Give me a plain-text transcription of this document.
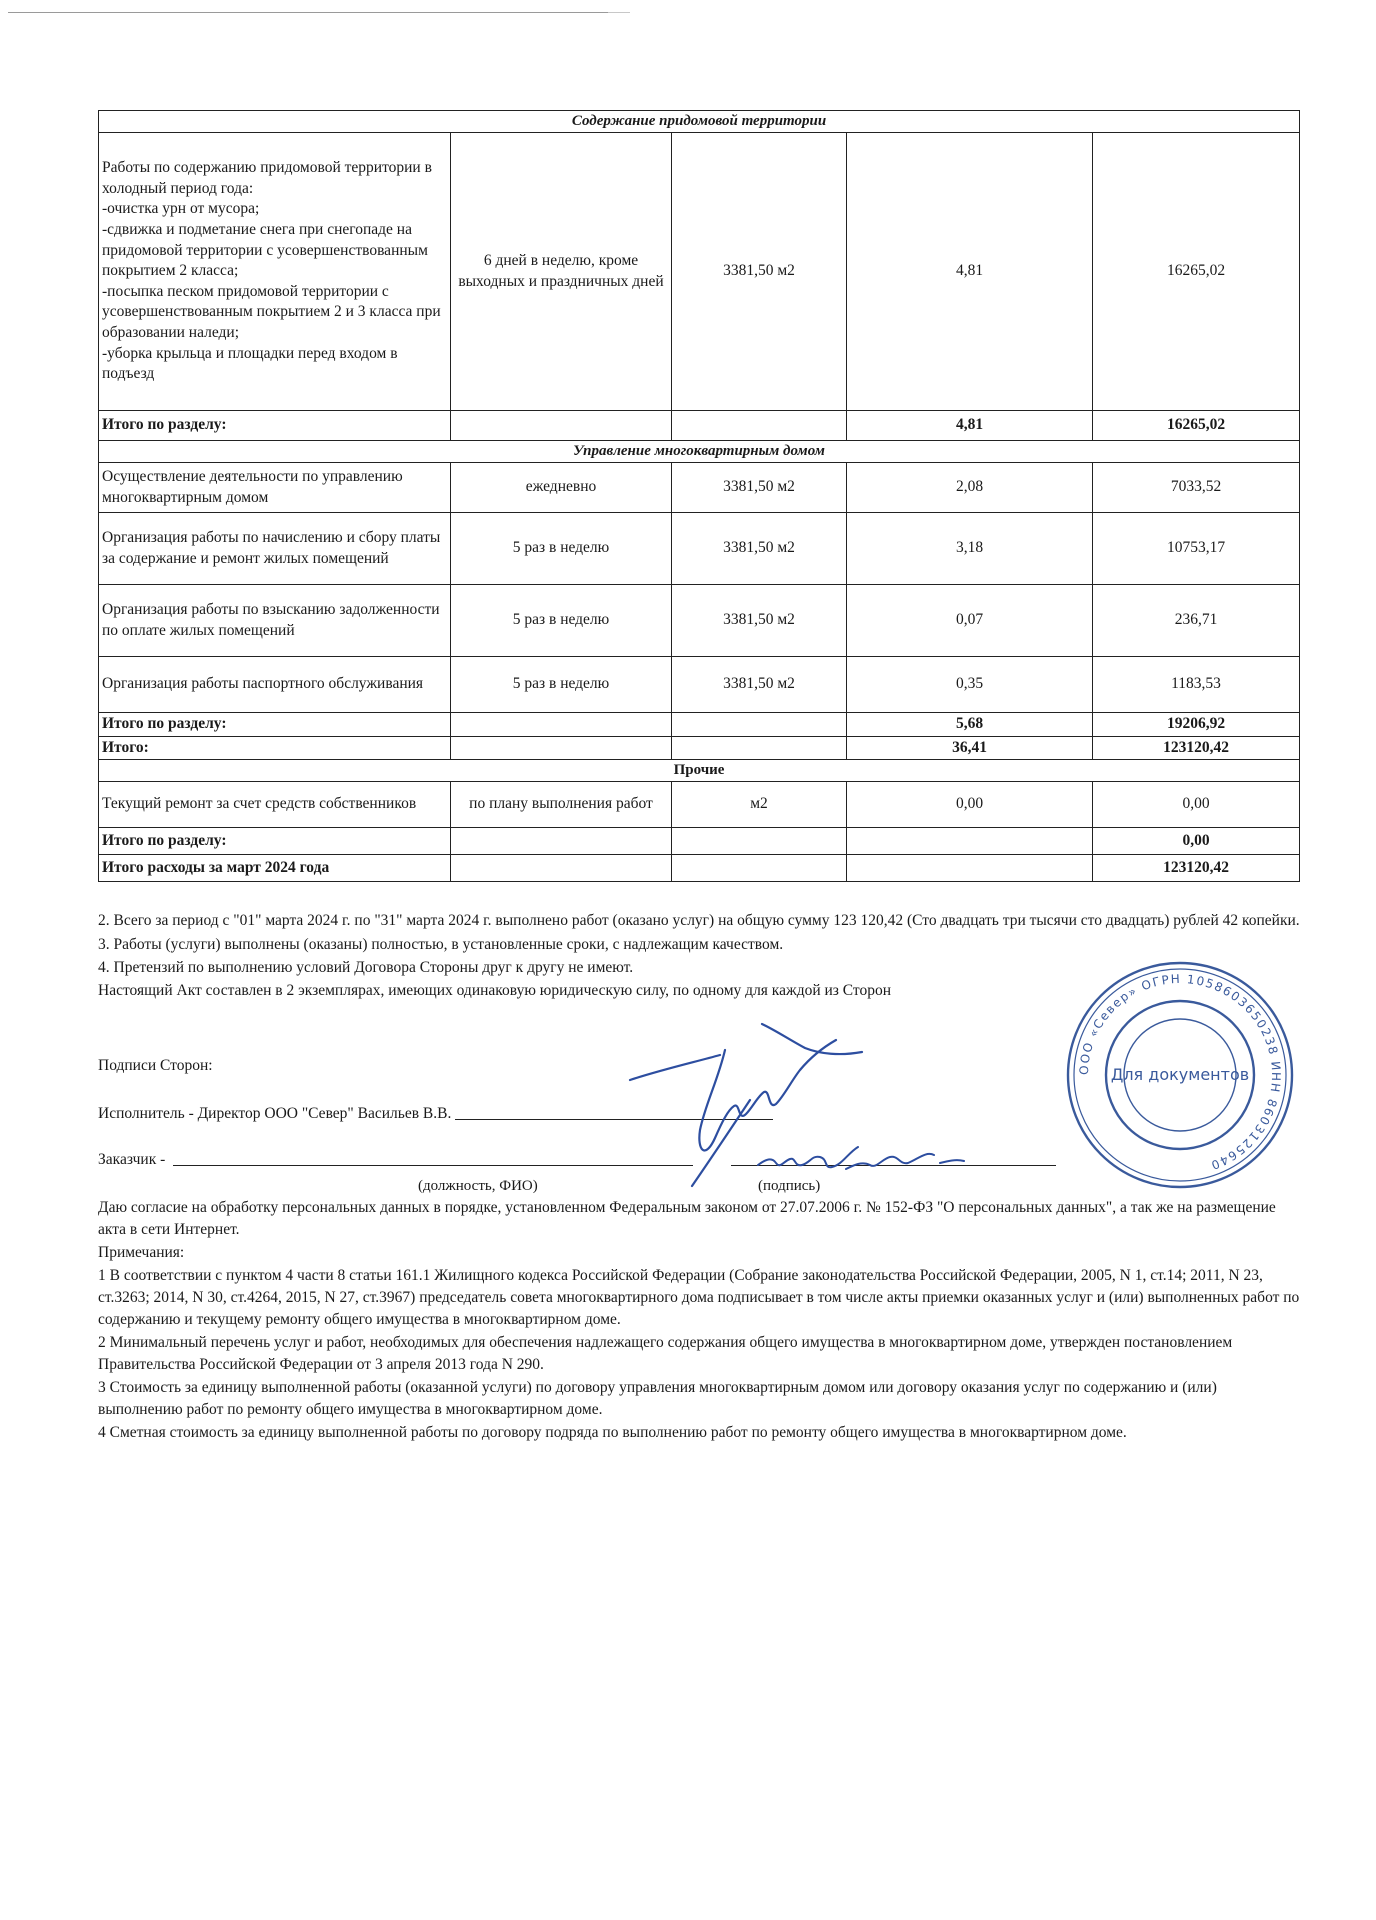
Содержание придомовой территории				
Работы по содержанию придомовой территории в холодный период года:
-очистка урн от мусора;
-сдвижка и подметание снега при снегопаде на придомовой территории с усовершенствованным покрытием 2 класса;
-посыпка песком придомовой территории с усовершенствованным покрытием 2 и 3 класса при образовании наледи;
-уборка крыльца и площадки перед входом в подъезд	6 дней в неделю, кроме выходных и праздничных дней	3381,50 м2	4,81	16265,02
Итого по разделу:			4,81	16265,02
Управление многоквартирным домом				
Осуществление деятельности по управлению многоквартирным домом	ежедневно	3381,50 м2	2,08	7033,52
Организация работы по начислению и сбору платы за содержание и ремонт жилых помещений	5 раз в неделю	3381,50 м2	3,18	10753,17
Организация работы по взысканию задолженности по оплате жилых помещений	5 раз в неделю	3381,50 м2	0,07	236,71
Организация работы паспортного обслуживания	5 раз в неделю	3381,50 м2	0,35	1183,53
Итого по разделу:			5,68	19206,92
Итого:			36,41	123120,42
Прочие				
Текущий ремонт за счет средств собственников	по плану выполнения работ	м2	0,00	0,00
Итого по разделу:				0,00
Итого расходы за март 2024 года				123120,42

2. Всего за период с "01" марта 2024 г. по "31" марта 2024 г. выполнено работ (оказано услуг) на общую сумму 123 120,42 (Сто двадцать три тысячи сто двадцать) рублей 42 копейки.

3. Работы (услуги) выполнены (оказаны) полностью, в установленные сроки, с надлежащим качеством.

4. Претензий по выполнению условий Договора Стороны друг к другу не имеют.

Настоящий Акт составлен в 2 экземплярах, имеющих одинаковую юридическую силу, по одному для каждой из Сторон

Подписи Сторон:
Исполнитель - Директор ООО "Север" Васильев В.В.
Заказчик -
(должность, ФИО)	(подпись)

Даю согласие на обработку персональных данных в порядке, установленном Федеральным законом от 27.07.2006 г. № 152-ФЗ "О персональных данных", а так же на размещение акта в сети Интернет.

Примечания:

1 В соответствии с пунктом 4 части 8 статьи 161.1 Жилищного кодекса Российской Федерации (Собрание законодательства Российской Федерации, 2005, N 1, ст.14; 2011, N 23, ст.3263; 2014, N 30, ст.4264, 2015, N 27, ст.3967) председатель совета многоквартирного дома подписывает в том числе акты приемки оказанных услуг и (или) выполненных работ по содержанию и текущему ремонту общего имущества в многоквартирном доме.

2 Минимальный перечень услуг и работ, необходимых для обеспечения надлежащего содержания общего имущества в многоквартирном доме, утвержден постановлением Правительства Российской Федерации от 3 апреля 2013 года N 290.

3 Стоимость за единицу выполненной работы (оказанной услуги) по договору управления многоквартирным домом или договору оказания услуг по содержанию и (или) выполнению работ по ремонту общего имущества в многоквартирном доме.

4 Сметная стоимость за единицу выполненной работы по договору подряда по выполнению работ по ремонту общего имущества в многоквартирном доме.

ООО «Север» ОГРН 1058603650238 ИНН 8603125640
Для документов
